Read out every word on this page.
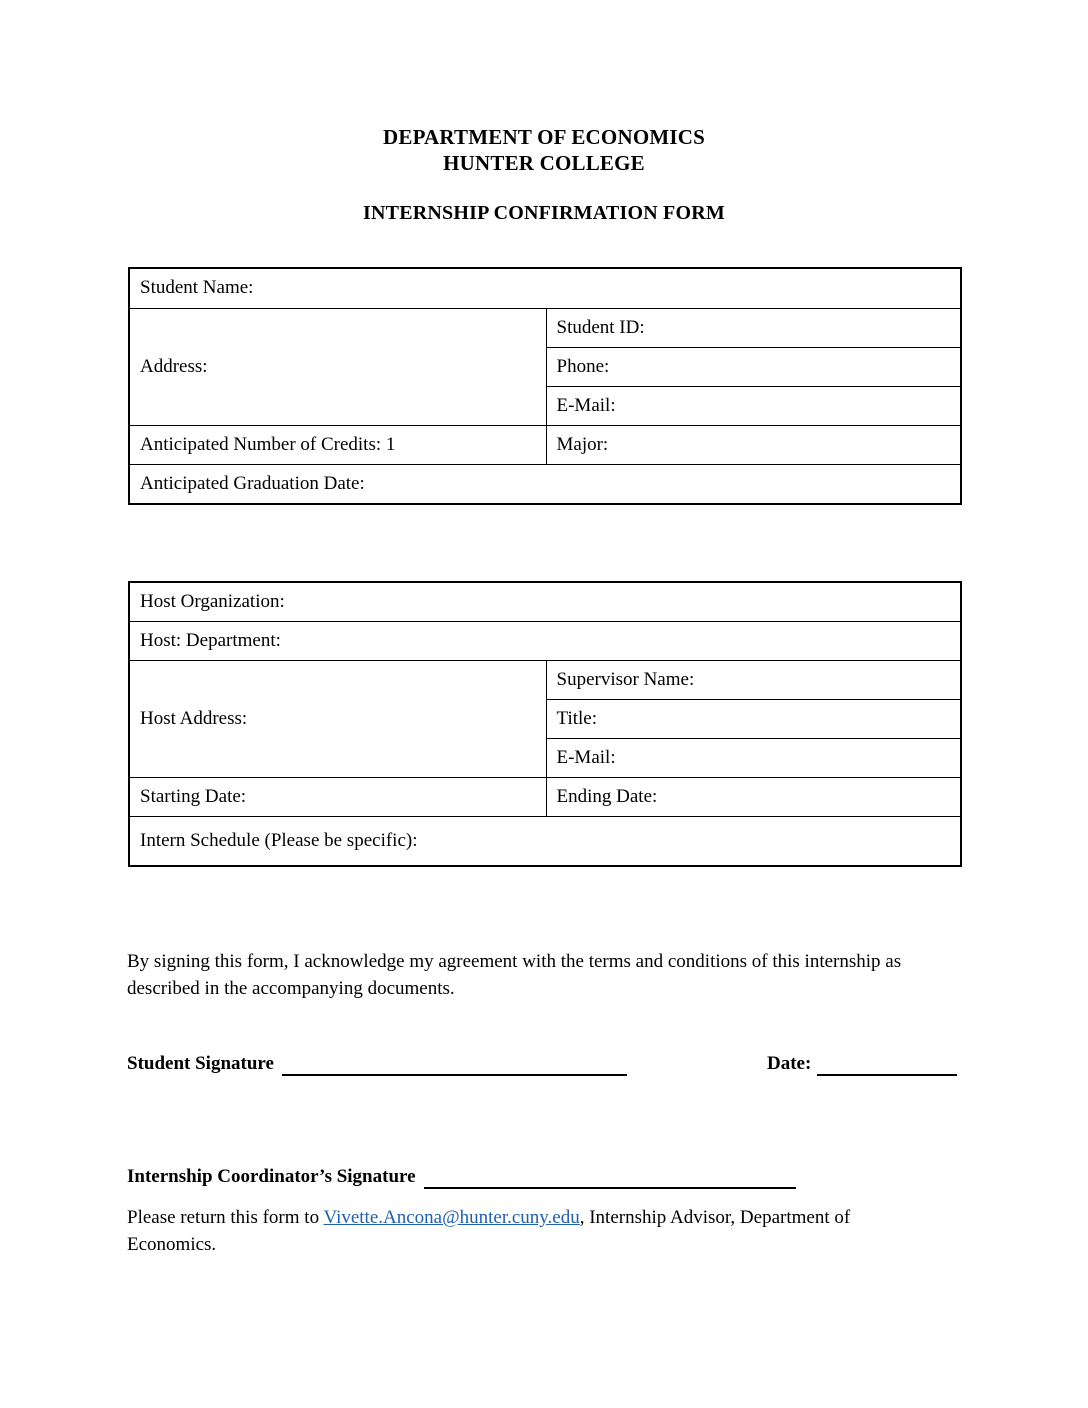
DEPARTMENT OF ECONOMICS
HUNTER COLLEGE
INTERNSHIP CONFIRMATION FORM
Student Name:	
Address:	Student ID:
	Phone:
	E-Mail:
Anticipated Number of Credits: 1	Major:
Anticipated Graduation Date:	
Host Organization:	
Host: Department:	
Host Address:	Supervisor Name:
	Title:
	E-Mail:
Starting Date:	Ending Date:
Intern Schedule (Please be specific):	
By signing this form, I acknowledge my agreement with the terms and conditions of this internship as described in the accompanying documents.
Student Signature	Date:
Internship Coordinator’s Signature
Please return this form to Vivette.Ancona@hunter.cuny.edu, Internship Advisor, Department of Economics.
